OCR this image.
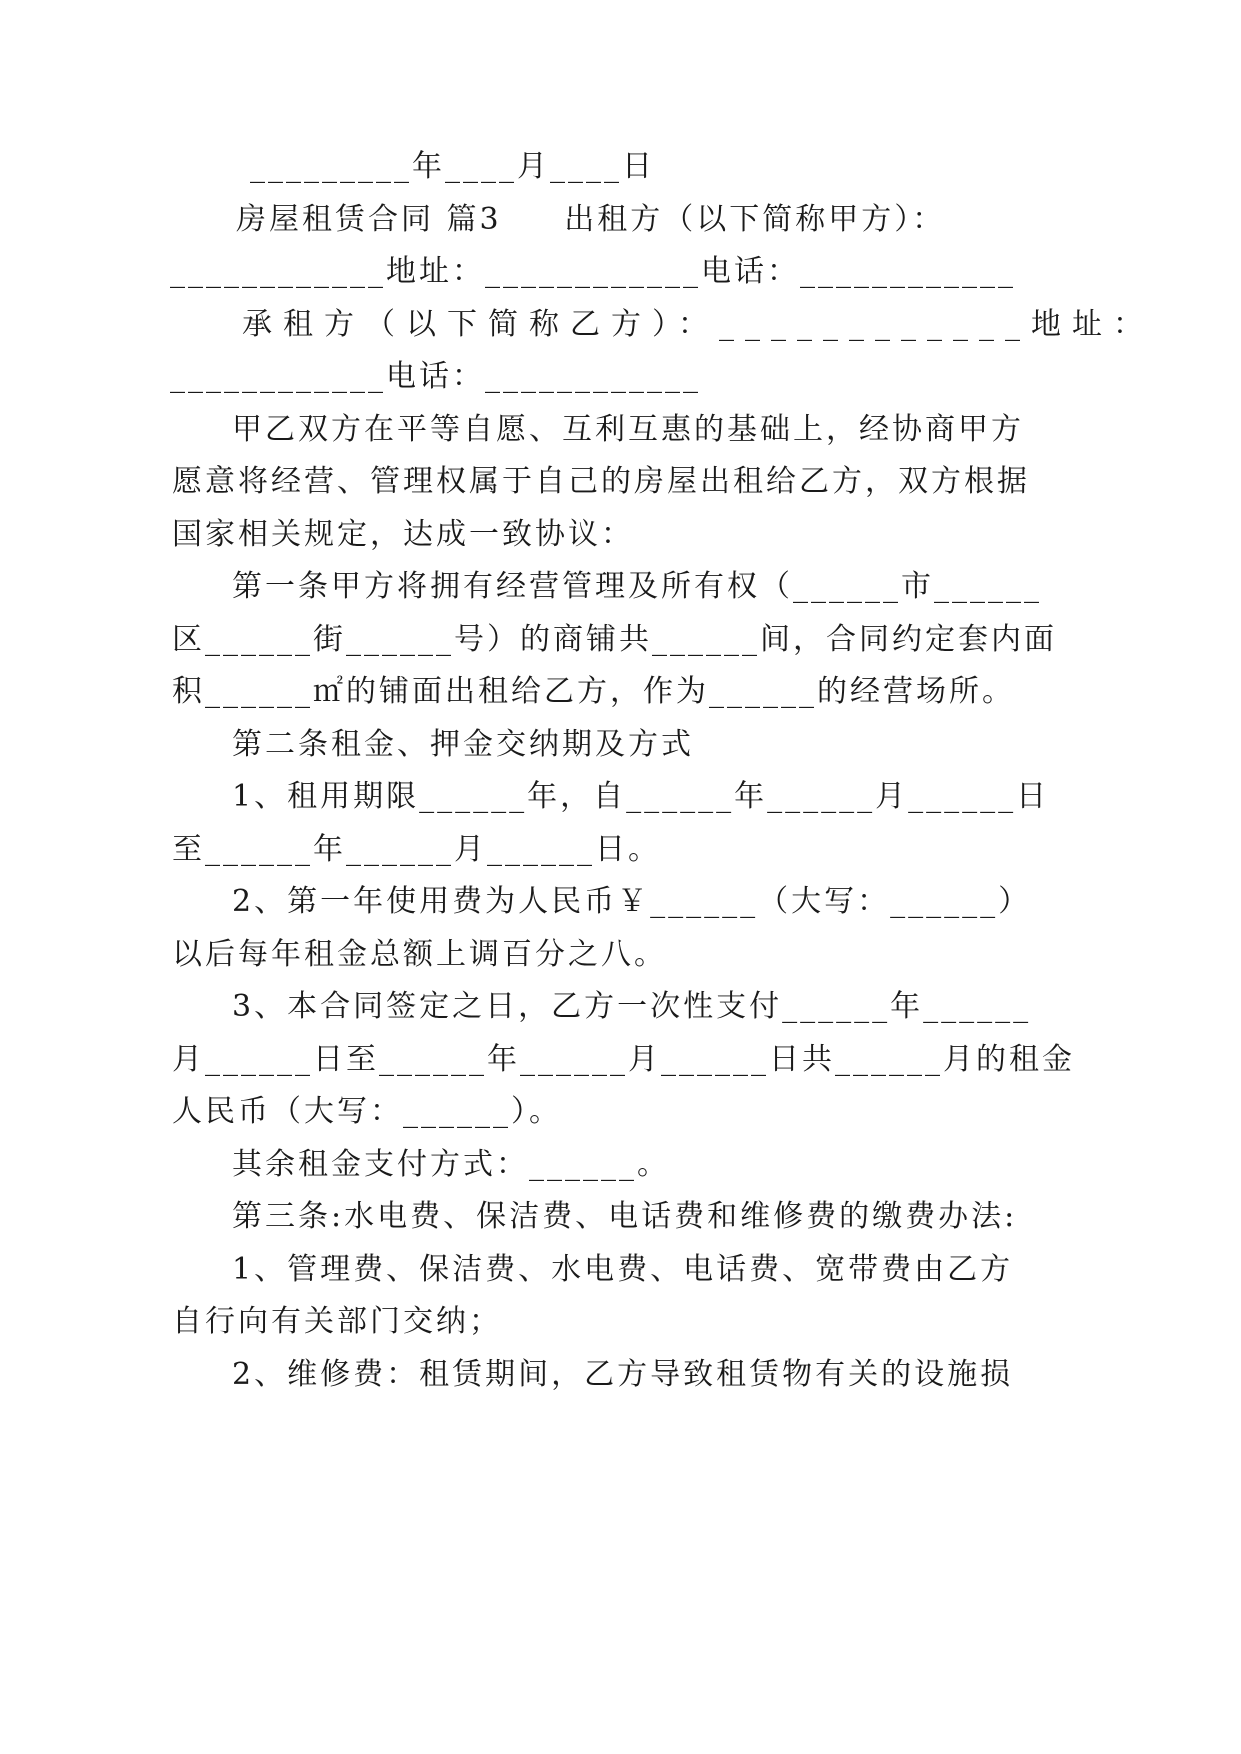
_________年____月____日
房屋租赁合同 篇3     出租方（以下简称甲方）：
____________地址：____________电话：____________
承租方（以下简称乙方）：____________地址：
____________电话：____________
甲乙双方在平等自愿、互利互惠的基础上，经协商甲方
愿意将经营、管理权属于自己的房屋出租给乙方，双方根据
国家相关规定，达成一致协议：
第一条甲方将拥有经营管理及所有权（______市______
区______街______号）的商铺共______间，合同约定套内面
积______㎡的铺面出租给乙方，作为______的经营场所。
第二条租金、押金交纳期及方式
1、租用期限______年，自______年______月______日
至______年______月______日。
2、第一年使用费为人民币￥______（大写：______）
以后每年租金总额上调百分之八。
3、本合同签定之日，乙方一次性支付______年______
月______日至______年______月______日共______月的租金
人民币（大写：______）。
其余租金支付方式：______。
第三条:水电费、保洁费、电话费和维修费的缴费办法:
1、管理费、保洁费、水电费、电话费、宽带费由乙方
自行向有关部门交纳；
2、维修费：租赁期间，乙方导致租赁物有关的设施损
